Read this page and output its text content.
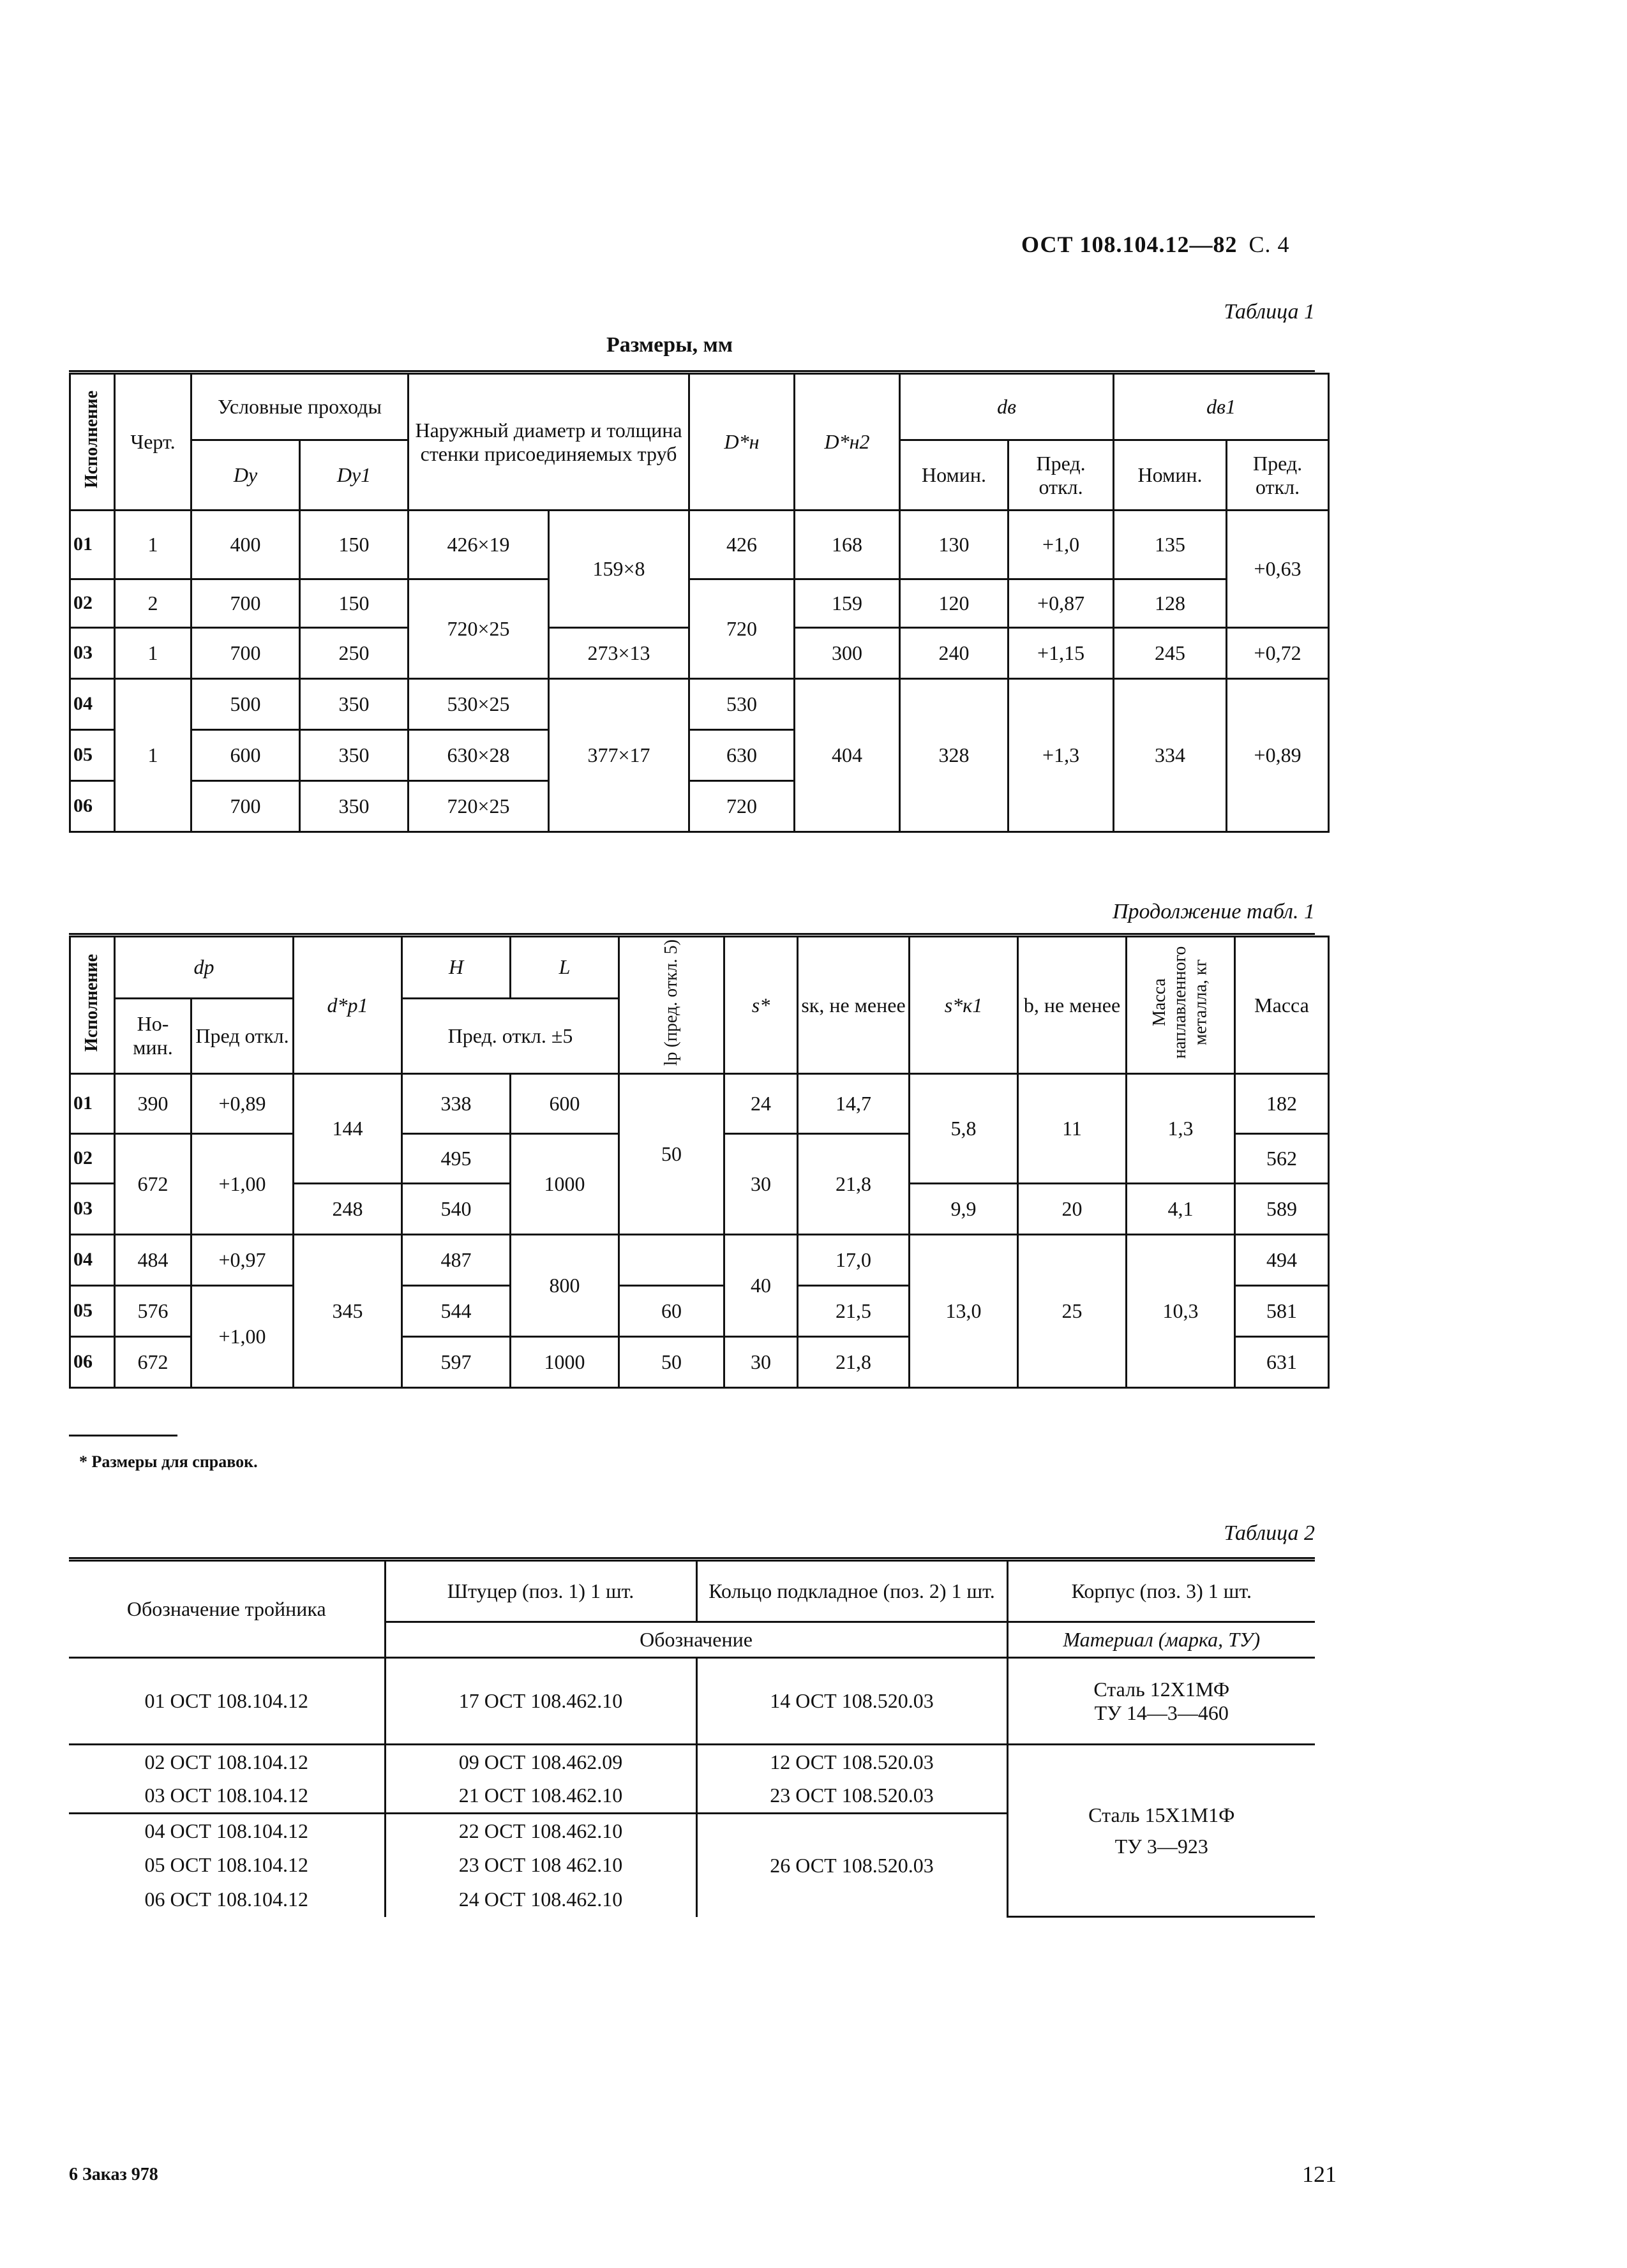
ОСТ 108.104.12—82 С. 4
Таблица 1
Размеры, мм
Исполнение	Черт.	Условные проходы		Наружный диаметр и толщина стенки присоединяемых труб		D*н	D*н2	dв		dв1	
		Dу	Dу1					Номин.	Пред. откл.	Номин.	Пред. откл.
01	1	400	150	426×19	159×8	426	168	130	+1,0	135	+0,63
02	2	700	150	720×25		720	159	120	+0,87	128	
03	1	700	250		273×13		300	240	+1,15	245	+0,72
04	1	500	350	530×25	377×17	530	404	328	+1,3	334	+0,89
05		600	350	630×28		630					
06		700	350	720×25		720					
Продолжение табл. 1
Исполнение	dр		d*р1	H	L	lр (пред. откл. 5)	s*	sк, не менее	s*к1	b, не менее	Масса наплавленного металла, кг	Масса
	Но-мин.	Пред откл.		Пред. откл. ±5								
01	390	+0,89	144	338	600	50	24	14,7	5,8	11	1,3	182
02	672	+1,00		495	1000		30	21,8				562
03			248	540					9,9	20	4,1	589
04	484	+0,97	345	487	800		40	17,0	13,0	25	10,3	494
05	576	+1,00		544		60		21,5				581
06	672			597	1000	50	30	21,8				631
* Размеры для справок.
Таблица 2
Обозначение тройника	Штуцер (поз. 1) 1 шт.	Кольцо подкладное (поз. 2) 1 шт.	Корпус (поз. 3) 1 шт.
	Обозначение		Материал (марка, ТУ)
01 ОСТ 108.104.12	17 ОСТ 108.462.10	14 ОСТ 108.520.03	Сталь 12Х1МФ
ТУ 14—3—460

02 ОСТ 108.104.12	09 ОСТ 108.462.09	12 ОСТ 108.520.03	Сталь 15Х1М1Ф
ТУ 3—923

03 ОСТ 108.104.12	21 ОСТ 108.462.10	23 ОСТ 108.520.03	
04 ОСТ 108.104.12	22 ОСТ 108.462.10	26 ОСТ 108.520.03	
05 ОСТ 108.104.12	23 ОСТ 108 462.10		
06 ОСТ 108.104.12	24 ОСТ 108.462.10		
6 Заказ 978	121
